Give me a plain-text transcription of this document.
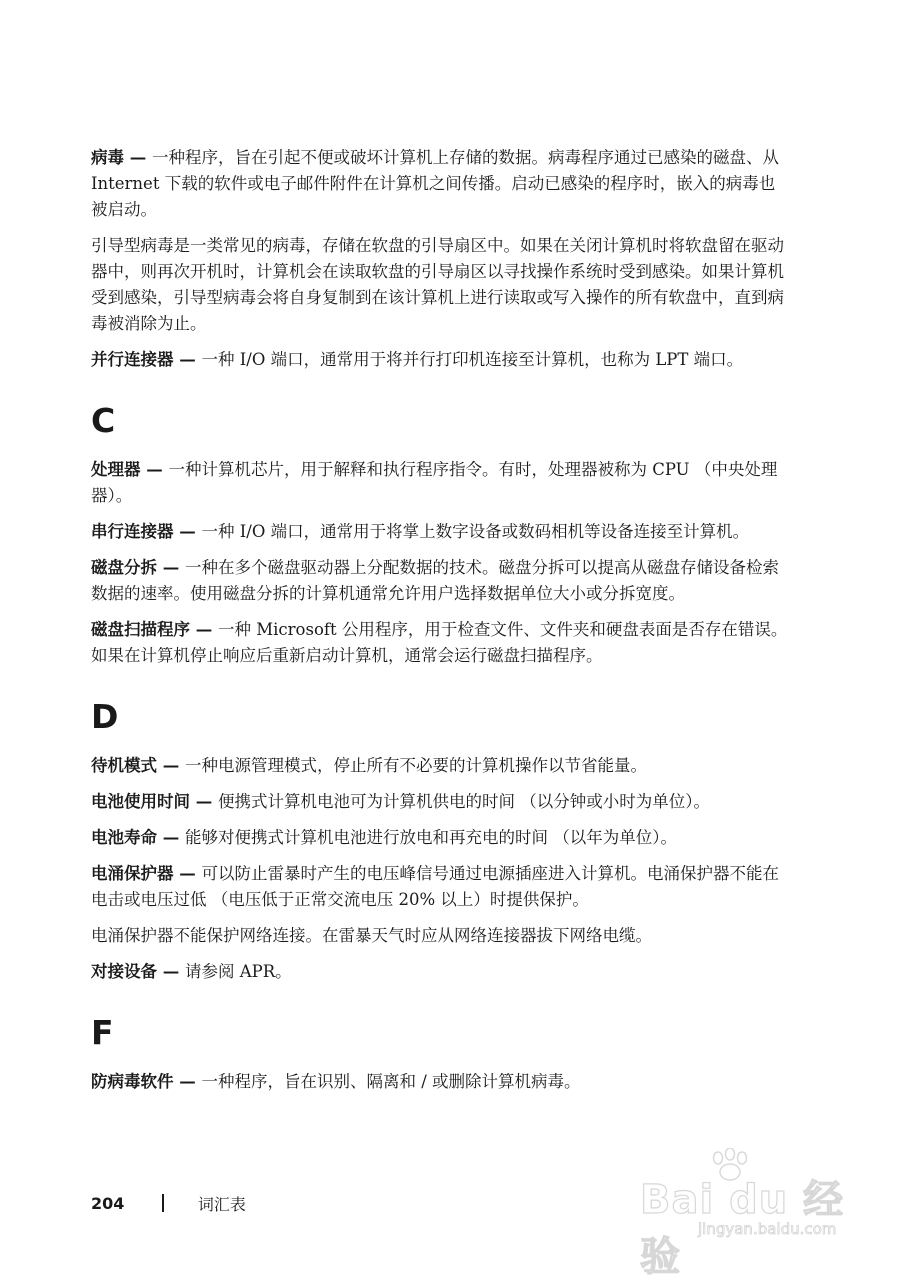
病毒 — 一种程序，旨在引起不便或破坏计算机上存储的数据。病毒程序通过已感染的磁盘、从 Internet 下载的软件或电子邮件附件在计算机之间传播。启动已感染的程序时，嵌入的病毒也被启动。

引导型病毒是一类常见的病毒，存储在软盘的引导扇区中。如果在关闭计算机时将软盘留在驱动器中，则再次开机时，计算机会在读取软盘的引导扇区以寻找操作系统时受到感染。如果计算机受到感染，引导型病毒会将自身复制到在该计算机上进行读取或写入操作的所有软盘中，直到病毒被消除为止。

并行连接器 — 一种 I/O 端口，通常用于将并行打印机连接至计算机，也称为 LPT 端口。

C

处理器 — 一种计算机芯片，用于解释和执行程序指令。有时，处理器被称为 CPU （中央处理器）。

串行连接器 — 一种 I/O 端口，通常用于将掌上数字设备或数码相机等设备连接至计算机。

磁盘分拆 — 一种在多个磁盘驱动器上分配数据的技术。磁盘分拆可以提高从磁盘存储设备检索数据的速率。使用磁盘分拆的计算机通常允许用户选择数据单位大小或分拆宽度。

磁盘扫描程序 — 一种 Microsoft 公用程序，用于检查文件、文件夹和硬盘表面是否存在错误。如果在计算机停止响应后重新启动计算机，通常会运行磁盘扫描程序。

D

待机模式 — 一种电源管理模式，停止所有不必要的计算机操作以节省能量。

电池使用时间 — 便携式计算机电池可为计算机供电的时间 （以分钟或小时为单位）。

电池寿命 — 能够对便携式计算机电池进行放电和再充电的时间 （以年为单位）。

电涌保护器 — 可以防止雷暴时产生的电压峰信号通过电源插座进入计算机。电涌保护器不能在电击或电压过低 （电压低于正常交流电压 20% 以上）时提供保护。

电涌保护器不能保护网络连接。在雷暴天气时应从网络连接器拔下网络电缆。

对接设备 — 请参阅 APR。

F

防病毒软件 — 一种程序，旨在识别、隔离和 / 或删除计算机病毒。

204	词汇表	Bai du 经验
jingyan.baidu.com
